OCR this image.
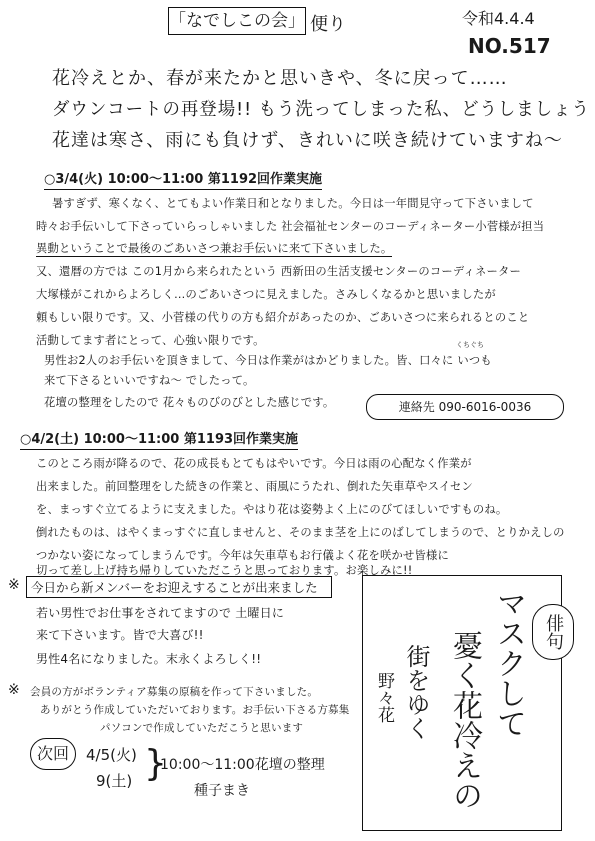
「なでしこの会」 便り	令和4.4.4
NO.517
花冷えとか、春が来たかと思いきや、冬に戻って……
ダウンコートの再登場!! もう洗ってしまった私、どうしましょう
花達は寒さ、雨にも負けず、きれいに咲き続けていますね～
○3/4(火) 10:00～11:00 第1192回作業実施
暑すぎず、寒くなく、とてもよい作業日和となりました。今日は一年間見守って下さいまして
時々お手伝いして下さっていらっしゃいました 社会福祉センターのコーディネーター小菅様が担当
異動ということで最後のごあいさつ兼お手伝いに来て下さいました。
又、還暦の方では この1月から来られたという 西新田の生活支援センターのコーディネーター
大塚様がこれからよろしく…のごあいさつに見えました。さみしくなるかと思いましたが
頼もしい限りです。又、小菅様の代りの方も紹介があったのか、ごあいさつに来られるとのこと
活動してます者にとって、心強い限りです。	くちぐち
男性お2人のお手伝いを頂きまして、今日は作業がはかどりました。皆、口々に いつも
来て下さるといいですね～ でしたって。
花壇の整理をしたので 花々ものびのびとした感じです。	連絡先 090-6016-0036
○4/2(土) 10:00～11:00 第1193回作業実施
このところ雨が降るので、花の成長もとてもはやいです。今日は雨の心配なく作業が
出来ました。前回整理をした続きの作業と、雨風にうたれ、倒れた矢車草やスイセン
を、まっすぐ立てるように支えました。やはり花は姿勢よく上にのびてほしいですものね。
倒れたものは、はやくまっすぐに直しませんと、そのまま茎を上にのばしてしまうので、とりかえしの
つかない姿になってしまうんです。今年は矢車草もお行儀よく花を咲かせ皆様に
切って差し上げ持ち帰りしていただこうと思っております。お楽しみに!!
※ 今日から新メンバーをお迎えすることが出来ました
若い男性でお仕事をされてますので 土曜日に
来て下さいます。皆で大喜び!!
男性4名になりました。末永くよろしく!!
※ 会員の方がボランティア募集の原稿を作って下さいました。
ありがとう作成していただいております。お手伝い下さる方募集
パソコンで作成していただこうと思います
次回	4/5(火)
9(土) }
10:00～11:00花壇の整理
種子まき
俳句
マスクして
憂く花冷えの
街をゆく
野々花
